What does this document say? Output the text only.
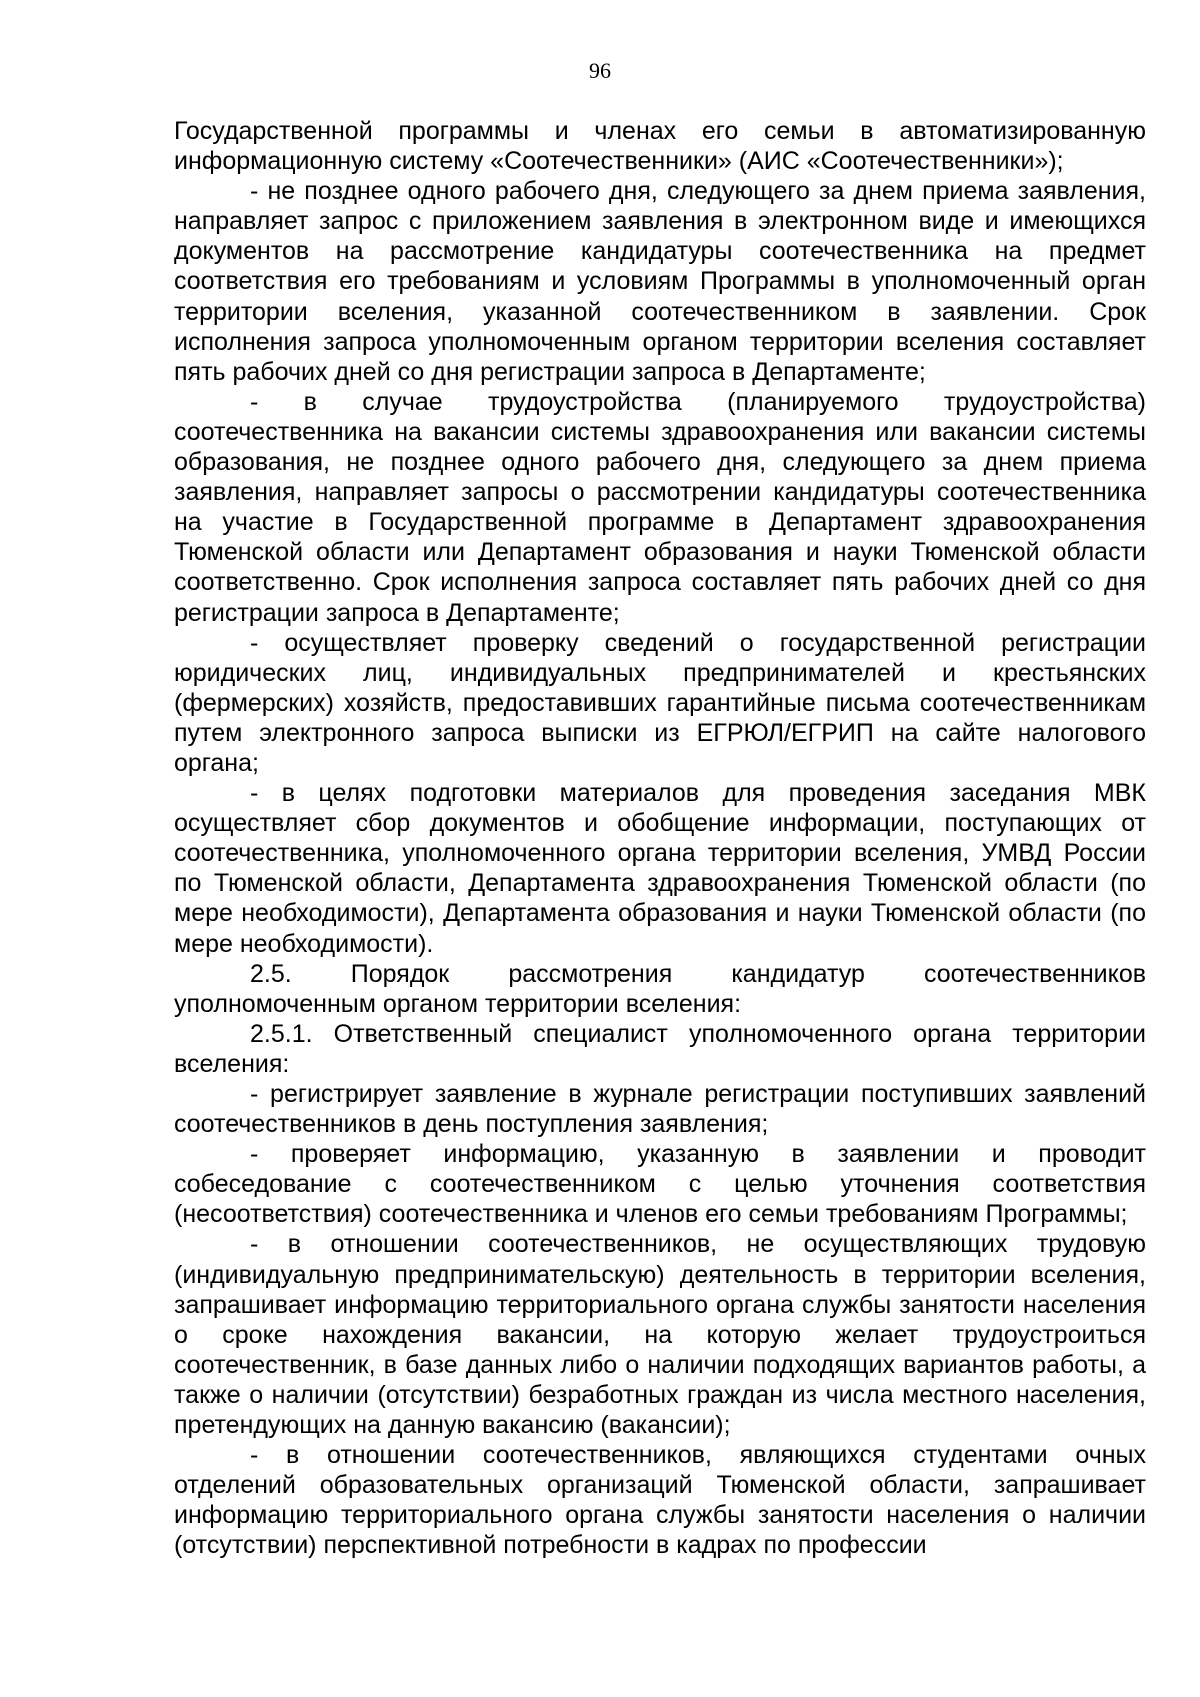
96

Государственной программы и членах его семьи в автоматизированную информационную систему «Соотечественники» (АИС «Соотечественники»);

- не позднее одного рабочего дня, следующего за днем приема заявления, направляет запрос с приложением заявления в электронном виде и имеющихся документов на рассмотрение кандидатуры соотечественника на предмет соответствия его требованиям и условиям Программы в уполномоченный орган территории вселения, указанной соотечественником в заявлении. Срок исполнения запроса уполномоченным органом территории вселения составляет пять рабочих дней со дня регистрации запроса в Департаменте;

- в случае трудоустройства (планируемого трудоустройства) соотечественника на вакансии системы здравоохранения или вакансии системы образования, не позднее одного рабочего дня, следующего за днем приема заявления, направляет запросы о рассмотрении кандидатуры соотечественника на участие в Государственной программе в Департамент здравоохранения Тюменской области или Департамент образования и науки Тюменской области соответственно. Срок исполнения запроса составляет пять рабочих дней со дня регистрации запроса в Департаменте;

- осуществляет проверку сведений о государственной регистрации юридических лиц, индивидуальных предпринимателей и крестьянских (фермерских) хозяйств, предоставивших гарантийные письма соотечественникам путем электронного запроса выписки из ЕГРЮЛ/ЕГРИП на сайте налогового органа;

- в целях подготовки материалов для проведения заседания МВК осуществляет сбор документов и обобщение информации, поступающих от соотечественника, уполномоченного органа территории вселения, УМВД России по Тюменской области, Департамента здравоохранения Тюменской области (по мере необходимости), Департамента образования и науки Тюменской области (по мере необходимости).

2.5. Порядок рассмотрения кандидатур соотечественников уполномоченным органом территории вселения:

2.5.1. Ответственный специалист уполномоченного органа территории вселения:

- регистрирует заявление в журнале регистрации поступивших заявлений соотечественников в день поступления заявления;

- проверяет информацию, указанную в заявлении и проводит собеседование с соотечественником с целью уточнения соответствия (несоответствия) соотечественника и членов его семьи требованиям Программы;

- в отношении соотечественников, не осуществляющих трудовую (индивидуальную предпринимательскую) деятельность в территории вселения, запрашивает информацию территориального органа службы занятости населения о сроке нахождения вакансии, на которую желает трудоустроиться соотечественник, в базе данных либо о наличии подходящих вариантов работы, а также о наличии (отсутствии) безработных граждан из числа местного населения, претендующих на данную вакансию (вакансии);

- в отношении соотечественников, являющихся студентами очных отделений образовательных организаций Тюменской области, запрашивает информацию территориального органа службы занятости населения о наличии (отсутствии) перспективной потребности в кадрах по профессии
